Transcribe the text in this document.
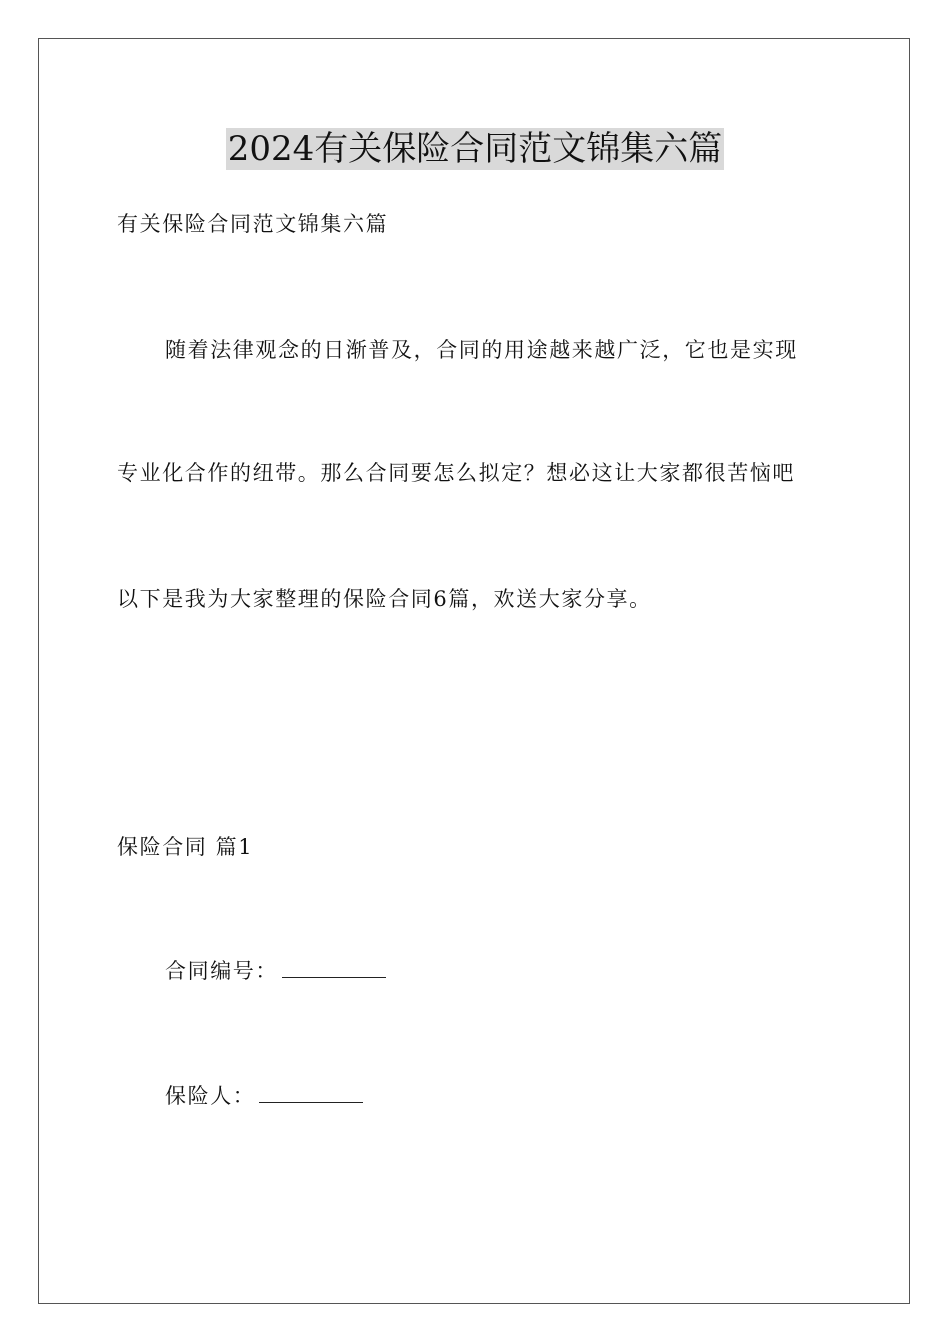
2024有关保险合同范文锦集六篇
有关保险合同范文锦集六篇
随着法律观念的日渐普及，合同的用途越来越广泛，它也是实现
专业化合作的纽带。那么合同要怎么拟定？想必这让大家都很苦恼吧
以下是我为大家整理的保险合同6篇，欢送大家分享。
保险合同 篇1
合同编号：
保险人：
